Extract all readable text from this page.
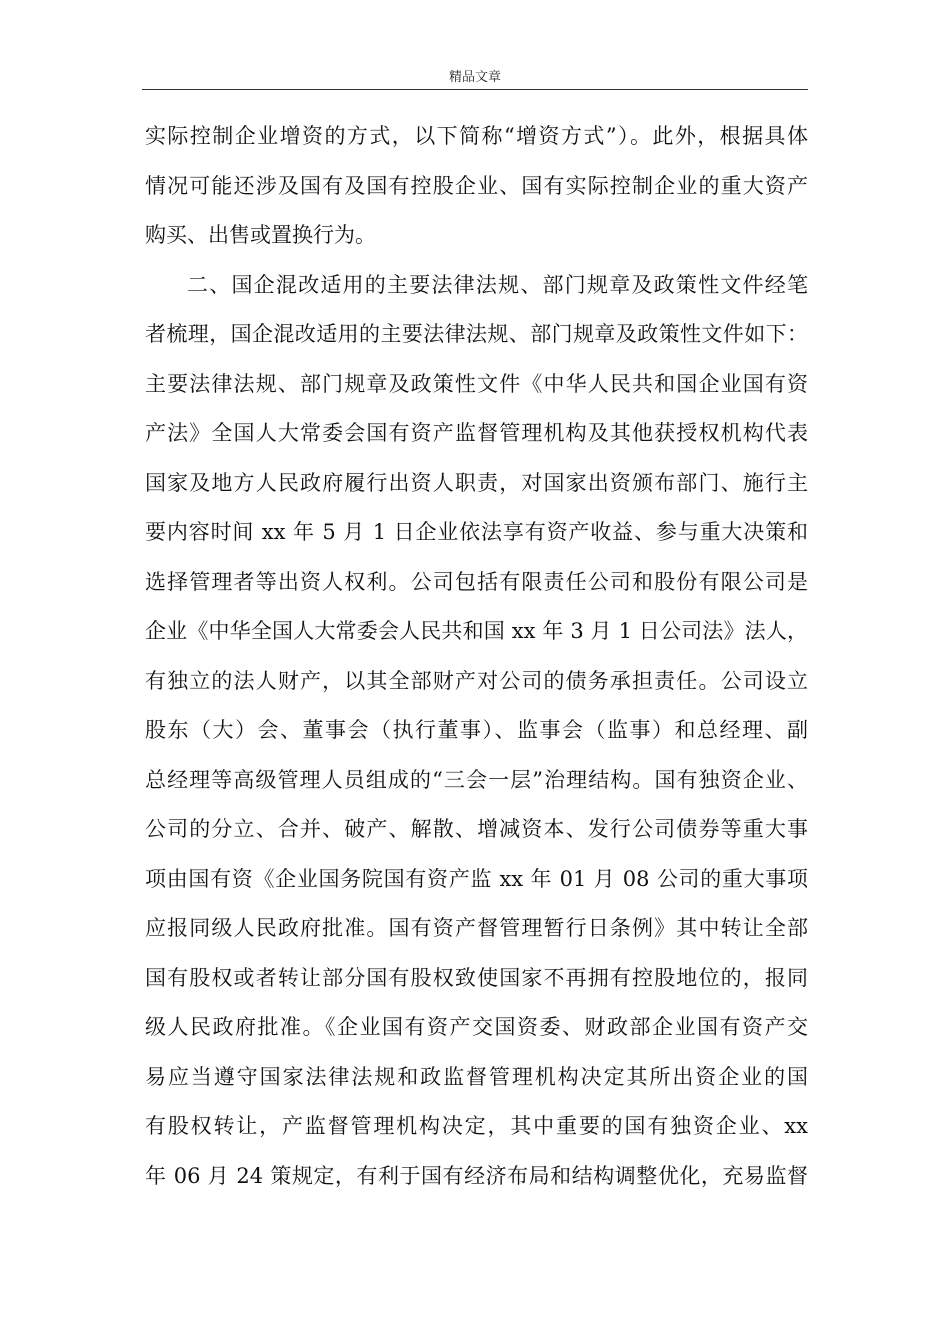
精品文章
实际控制企业增资的方式，以下简称“增资方式”）。此外，根据具体
情况可能还涉及国有及国有控股企业、国有实际控制企业的重大资产
购买、出售或置换行为。
二、国企混改适用的主要法律法规、部门规章及政策性文件经笔
者梳理，国企混改适用的主要法律法规、部门规章及政策性文件如下：
主要法律法规、部门规章及政策性文件《中华人民共和国企业国有资
产法》全国人大常委会国有资产监督管理机构及其他获授权机构代表
国家及地方人民政府履行出资人职责，对国家出资颁布部门、施行主
要内容时间 xx 年 5 月 1 日企业依法享有资产收益、参与重大决策和
选择管理者等出资人权利。公司包括有限责任公司和股份有限公司是
企业《中华全国人大常委会人民共和国 xx 年 3 月 1 日公司法》法人，
有独立的法人财产，以其全部财产对公司的债务承担责任。公司设立
股东（大）会、董事会（执行董事）、监事会（监事）和总经理、副
总经理等高级管理人员组成的“三会一层”治理结构。国有独资企业、
公司的分立、合并、破产、解散、增减资本、发行公司债券等重大事
项由国有资《企业国务院国有资产监 xx 年 01 月 08 公司的重大事项
应报同级人民政府批准。国有资产督管理暂行日条例》其中转让全部
国有股权或者转让部分国有股权致使国家不再拥有控股地位的，报同
级人民政府批准。《企业国有资产交国资委、财政部企业国有资产交
易应当遵守国家法律法规和政监督管理机构决定其所出资企业的国
有股权转让，产监督管理机构决定，其中重要的国有独资企业、xx
年 06 月 24 策规定，有利于国有经济布局和结构调整优化，充易监督
